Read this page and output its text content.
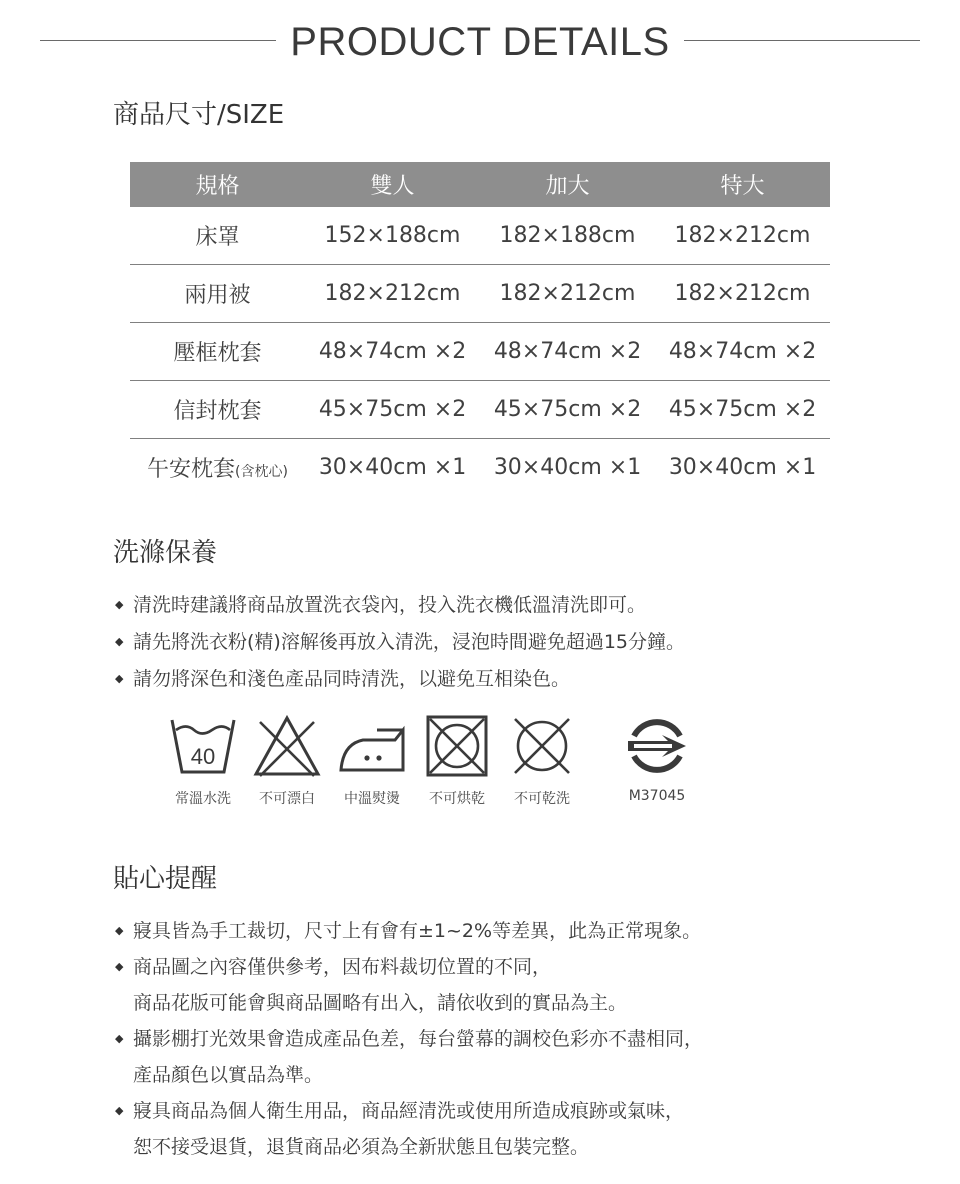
PRODUCT DETAILS
商品尺寸/SIZE
規格	雙人	加大	特大
床罩	152×188cm	182×188cm	182×212cm
兩用被	182×212cm	182×212cm	182×212cm
壓框枕套	48×74cm ×2	48×74cm ×2	48×74cm ×2
信封枕套	45×75cm ×2	45×75cm ×2	45×75cm ×2
午安枕套(含枕心)	30×40cm ×1	30×40cm ×1	30×40cm ×1
洗滌保養
◆ 清洗時建議將商品放置洗衣袋內，投入洗衣機低溫清洗即可。
◆ 請先將洗衣粉(精)溶解後再放入清洗，浸泡時間避免超過15分鐘。
◆ 請勿將深色和淺色產品同時清洗，以避免互相染色。
40
常溫水洗	不可漂白	中溫熨燙	不可烘乾	不可乾洗	M37045
貼心提醒
◆ 寢具皆為手工裁切，尺寸上有會有±1~2%等差異，此為正常現象。
◆ 商品圖之內容僅供參考，因布料裁切位置的不同，
商品花版可能會與商品圖略有出入，請依收到的實品為主。
◆ 攝影棚打光效果會造成產品色差，每台螢幕的調校色彩亦不盡相同，
產品顏色以實品為準。
◆ 寢具商品為個人衛生用品，商品經清洗或使用所造成痕跡或氣味，
恕不接受退貨，退貨商品必須為全新狀態且包裝完整。
